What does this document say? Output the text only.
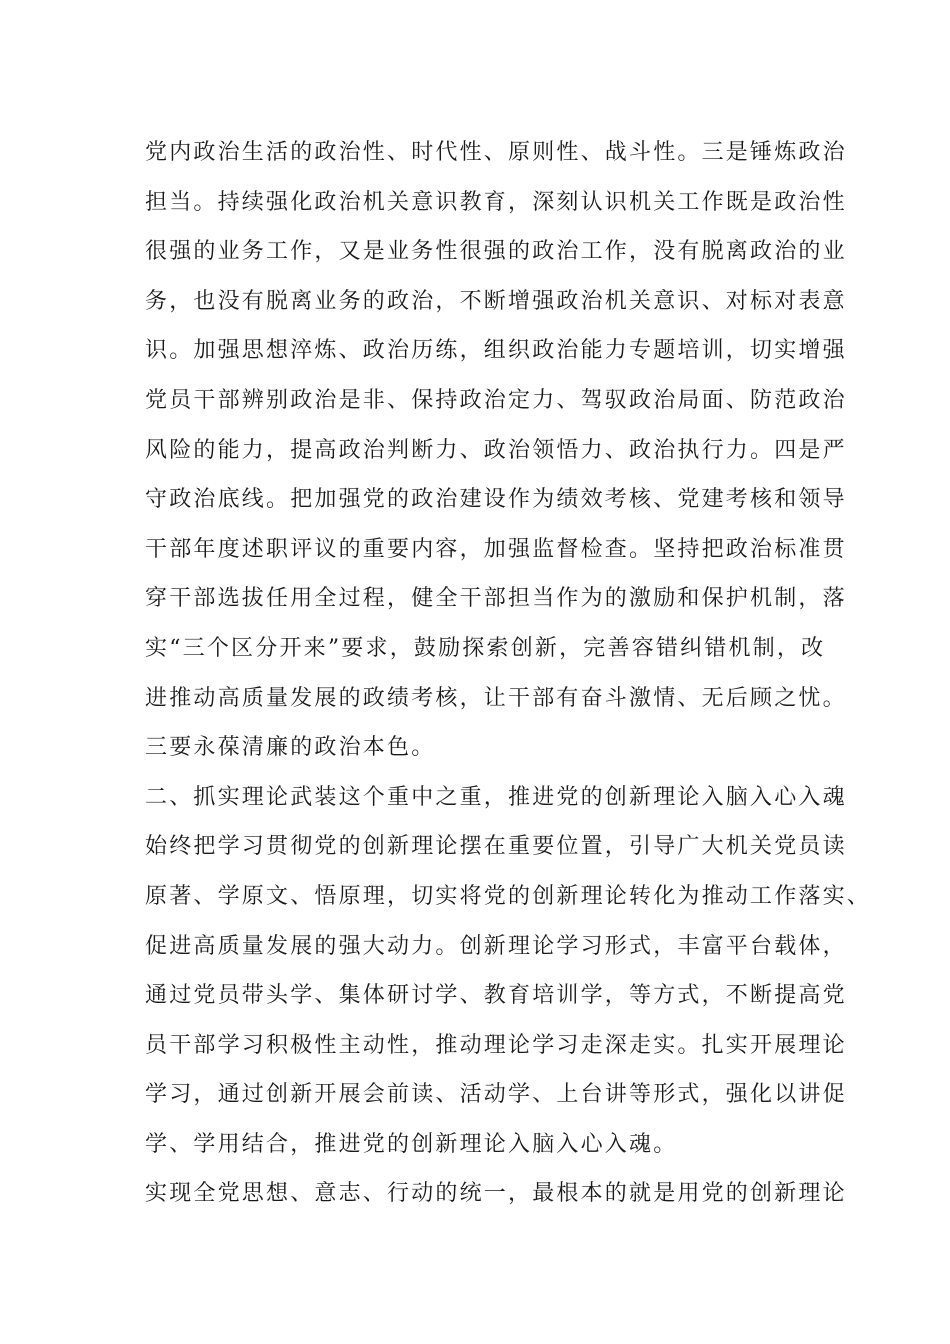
党内政治生活的政治性、时代性、原则性、战斗性。三是锤炼政治
担当。持续强化政治机关意识教育，深刻认识机关工作既是政治性
很强的业务工作，又是业务性很强的政治工作，没有脱离政治的业
务，也没有脱离业务的政治，不断增强政治机关意识、对标对表意
识。加强思想淬炼、政治历练，组织政治能力专题培训，切实增强
党员干部辨别政治是非、保持政治定力、驾驭政治局面、防范政治
风险的能力，提高政治判断力、政治领悟力、政治执行力。四是严
守政治底线。把加强党的政治建设作为绩效考核、党建考核和领导
干部年度述职评议的重要内容，加强监督检查。坚持把政治标准贯
穿干部选拔任用全过程，健全干部担当作为的激励和保护机制，落
实“三个区分开来”要求，鼓励探索创新，完善容错纠错机制，改
进推动高质量发展的政绩考核，让干部有奋斗激情、无后顾之忧。
三要永葆清廉的政治本色。
二、抓实理论武装这个重中之重，推进党的创新理论入脑入心入魂
始终把学习贯彻党的创新理论摆在重要位置，引导广大机关党员读
原著、学原文、悟原理，切实将党的创新理论转化为推动工作落实、
促进高质量发展的强大动力。创新理论学习形式，丰富平台载体，
通过党员带头学、集体研讨学、教育培训学，等方式，不断提高党
员干部学习积极性主动性，推动理论学习走深走实。扎实开展理论
学习，通过创新开展会前读、活动学、上台讲等形式，强化以讲促
学、学用结合，推进党的创新理论入脑入心入魂。
实现全党思想、意志、行动的统一，最根本的就是用党的创新理论
